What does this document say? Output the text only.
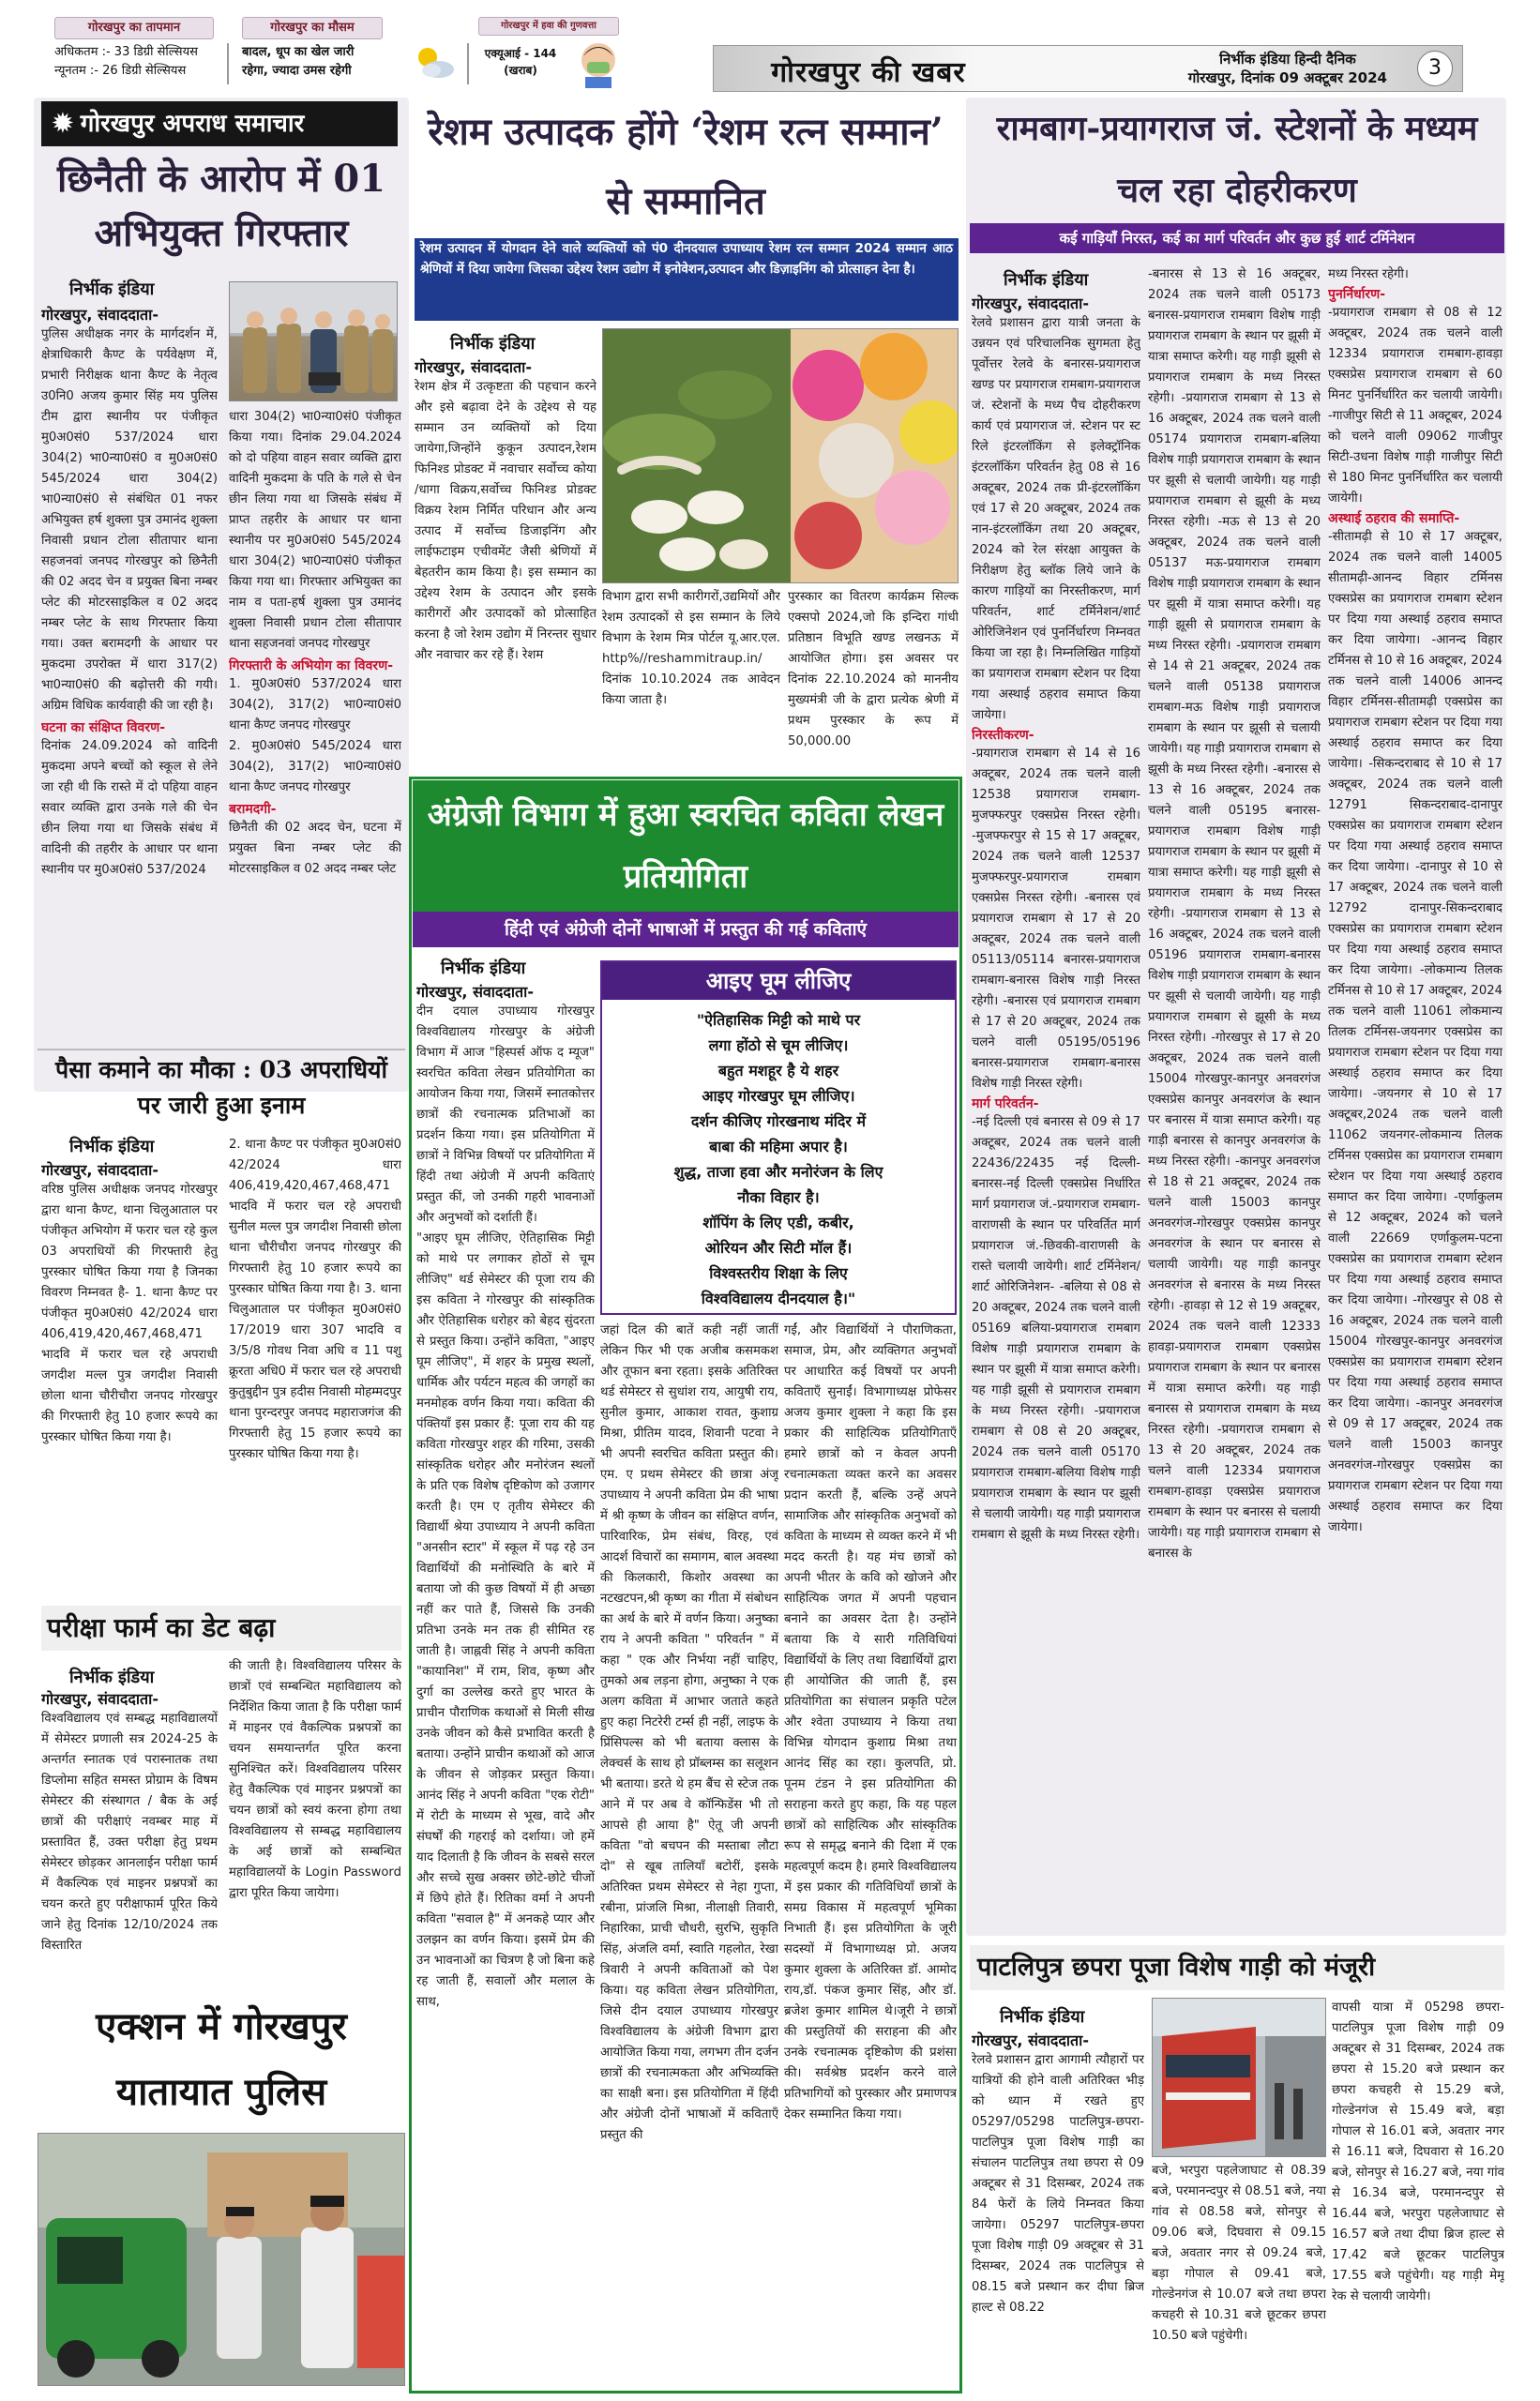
गोरखपुर का तापमान	गोरखपुर का मौसम	गोरखपुर में हवा की गुणवत्ता
अधिकतम :- 33 डिग्री सेल्सियस
न्यूनतम :- 26 डिग्री सेल्सियस
बादल, धूप का खेल जारी
रहेगा, ज्यादा उमस रहेगी
एक्यूआई - 144
(खराब)	गोरखपुर की खबर	निर्भीक इंडिया हिन्दी दैनिक
गोरखपुर, दिनांक 09 अक्टूबर 2024	3
✹ गोरखपुर अपराध समाचार
छिनैती के आरोप में 01 अभियुक्त गिरफ्तार
निर्भीक इंडिया
गोरखपुर, संवाददाता-
पुलिस अधीक्षक नगर के मार्गदर्शन में, क्षेत्राधिकारी कैण्ट के पर्यवेक्षण में, प्रभारी निरीक्षक थाना कैण्ट के नेतृत्व उ0नि0 अजय कुमार सिंह मय पुलिस टीम द्वारा स्थानीय पर पंजीकृत मु0अ0सं0 537/2024 धारा 304(2) भा0न्या0सं0 व मु0अ0सं0 545/2024 धारा 304(2) भा0न्या0सं0 से संबंधित 01 नफर अभियुक्त हर्ष शुक्ला पुत्र उमानंद शुक्ला निवासी प्रधान टोला सीतापार थाना सहजनवां जनपद गोरखपुर को छिनैती की 02 अदद चेन व प्रयुक्त बिना नम्बर प्लेट की मोटरसाइकिल व 02 अदद नम्बर प्लेट के साथ गिरफ्तार किया गया। उक्त बरामदगी के आधार पर मुकदमा उपरोक्त में धारा 317(2) भा0न्या0सं0 की बढ़ोत्तरी की गयी। अग्रिम विधिक कार्यवाही की जा रही है।
घटना का संक्षिप्त विवरण-
दिनांक 24.09.2024 को वादिनी मुकदमा अपने बच्चों को स्कूल से लेने जा रही थी कि रास्ते में दो पहिया वाहन सवार व्यक्ति द्वारा उनके गले की चेन छीन लिया गया था जिसके संबंध में वादिनी की तहरीर के आधार पर थाना स्थानीय पर मु0अ0सं0 537/2024
धारा 304(2) भा0न्या0सं0 पंजीकृत किया गया। दिनांक 29.04.2024 को दो पहिया वाहन सवार व्यक्ति द्वारा वादिनी मुकदमा के पति के गले से चेन छीन लिया गया था जिसके संबंध में प्राप्त तहरीर के आधार पर थाना स्थानीय पर मु0अ0सं0 545/2024 धारा 304(2) भा0न्या0सं0 पंजीकृत किया गया था। गिरफ्तार अभियुक्त का नाम व पता-हर्ष शुक्ला पुत्र उमानंद शुक्ला निवासी प्रधान टोला सीतापार थाना सहजनवां जनपद गोरखपुर
गिरफ्तारी के अभियोग का विवरण-
1. मु0अ0सं0 537/2024 धारा 304(2), 317(2) भा0न्या0सं0 थाना कैण्ट जनपद गोरखपुर
2. मु0अ0सं0 545/2024 धारा 304(2), 317(2) भा0न्या0सं0 थाना कैण्ट जनपद गोरखपुर
बरामदगी-
छिनैती की 02 अदद चेन, घटना में प्रयुक्त बिना नम्बर प्लेट की मोटरसाइकिल व 02 अदद नम्बर प्लेट
पैसा कमाने का मौका : 03 अपराधियों पर जारी हुआ इनाम
निर्भीक इंडिया
गोरखपुर, संवाददाता-
वरिष्ठ पुलिस अधीक्षक जनपद गोरखपुर द्वारा थाना कैण्ट, थाना चिलुआताल पर पंजीकृत अभियोग में फरार चल रहे कुल 03 अपराधियों की गिरफ्तारी हेतु पुरस्कार घोषित किया गया है जिनका विवरण निम्नवत है- 1. थाना कैण्ट पर पंजीकृत मु0अ0सं0 42/2024 धारा 406,419,420,467,468,471 भादवि में फरार चल रहे अपराधी जगदीश मल्ल पुत्र जगदीश निवासी छोला थाना चौरीचौरा जनपद गोरखपुर की गिरफ्तारी हेतु 10 हजार रूपये का पुरस्कार घोषित किया गया है।
2. थाना कैण्ट पर पंजीकृत मु0अ0सं0 42/2024 धारा 406,419,420,467,468,471 भादवि में फरार चल रहे अपराधी सुनील मल्ल पुत्र जगदीश निवासी छोला थाना चौरीचौरा जनपद गोरखपुर की गिरफ्तारी हेतु 10 हजार रूपये का पुरस्कार घोषित किया गया है। 3. थाना चिलुआताल पर पंजीकृत मु0अ0सं0 17/2019 धारा 307 भादवि व 3/5/8 गोवध निवा अधि व 11 पशु क्रूरता अधि0 में फरार चल रहे अपराधी कुतुबुद्दीन पुत्र हदीस निवासी मोहम्मदपुर थाना पुरन्दरपुर जनपद महाराजगंज की गिरफ्तारी हेतु 15 हजार रूपये का पुरस्कार घोषित किया गया है।
परीक्षा फार्म का डेट बढ़ा
निर्भीक इंडिया
गोरखपुर, संवाददाता-
विश्वविद्यालय एवं सम्बद्ध महाविद्यालयों में सेमेस्टर प्रणाली सत्र 2024-25 के अन्तर्गत स्नातक एवं परास्नातक तथा डिप्लोमा सहित समस्त प्रोग्राम के विषम सेमेस्टर की संस्थागत / बैक के अई छात्रों की परीक्षाएं नवम्बर माह में प्रस्तावित हैं, उक्त परीक्षा हेतु प्रथम सेमेस्टर छोड़कर आनलाईन परीक्षा फार्म में वैकल्पिक एवं माइनर प्रश्नपत्रों का चयन करते हुए परीक्षाफार्म पूरित किये जाने हेतु दिनांक 12/10/2024 तक विस्तारित
की जाती है। विश्वविद्यालय परिसर के छात्रों एवं सम्बन्धित महाविद्यालय को निर्देशित किया जाता है कि परीक्षा फार्म में माइनर एवं वैकल्पिक प्रश्नपत्रों का चयन समयान्तर्गत पूरित करना सुनिश्चित करें। विश्वविद्यालय परिसर हेतु वैकल्पिक एवं माइनर प्रश्नपत्रों का चयन छात्रों को स्वयं करना होगा तथा विश्वविद्यालय से सम्बद्ध महाविद्यालय के अई छात्रों को सम्बन्धित महाविद्यालयों के Login Password द्वारा पूरित किया जायेगा।
एक्शन में गोरखपुर यातायात पुलिस
रेशम उत्पादक होंगे ‘रेशम रत्न सम्मान’ से सम्मानित
रेशम उत्पादन में योगदान देने वाले व्यक्तियों को पं0 दीनदयाल उपाध्याय रेशम रत्न सम्मान 2024 सम्मान आठ श्रेणियों में दिया जायेगा जिसका उद्देश्य रेशम उद्योग में इनोवेशन,उत्पादन और डिज़ाइनिंग को प्रोत्साहन देना है।
निर्भीक इंडिया
गोरखपुर, संवाददाता-
रेशम क्षेत्र में उत्कृष्टता की पहचान करने और इसे बढ़ावा देने के उद्देश्य से यह सम्मान उन व्यक्तियों को दिया जायेगा,जिन्होंने कुकून उत्पादन,रेशम फिनिश्ड प्रोडक्ट में नवाचार सर्वोच्च कोया /धागा विक्रय,सर्वोच्च फिनिश्ड प्रोडक्ट विक्रय रेशम निर्मित परिधान और अन्य उत्पाद में सर्वोच्च डिजाइनिंग और लाईफटाइम एचीवमेंट जैसी श्रेणियों में बेहतरीन काम किया है। इस सम्मान का उद्देश्य रेशम के उत्पादन और इसके कारीगरों और उत्पादकों को प्रोत्साहित करना है जो रेशम उद्योग में निरन्तर सुधार और नवाचार कर रहे हैं। रेशम
विभाग द्वारा सभी कारीगरों,उद्यमियों और रेशम उत्पादकों से इस सम्मान के लिये विभाग के रेशम मित्र पोर्टल यू.आर.एल. http%//reshammitraup.in/ दिनांक 10.10.2024 तक आवेदन किया जाता है।
पुरस्कार का वितरण कार्यक्रम सिल्क एक्सपो 2024,जो कि इन्दिरा गांधी प्रतिष्ठान विभूति खण्ड लखनऊ में आयोजित होगा। इस अवसर पर दिनांक 22.10.2024 को माननीय मुख्यमंत्री जी के द्वारा प्रत्येक श्रेणी में प्रथम पुरस्कार के रूप में 50,000.00
अंग्रेजी विभाग में हुआ स्वरचित कविता लेखन प्रतियोगिता
हिंदी एवं अंग्रेजी दोनों भाषाओं में प्रस्तुत की गई कविताएं
निर्भीक इंडिया
गोरखपुर, संवाददाता-
दीन दयाल उपाध्याय गोरखपुर विश्वविद्यालय गोरखपुर के अंग्रेजी विभाग में आज "हिस्पर्स ऑफ द म्यूज" स्वरचित कविता लेखन प्रतियोगिता का आयोजन किया गया, जिसमें स्नातकोत्तर छात्रों की रचनात्मक प्रतिभाओं का प्रदर्शन किया गया। इस प्रतियोगिता में छात्रों ने विभिन्न विषयों पर प्रतियोगिता में हिंदी तथा अंग्रेजी में अपनी कविताएं प्रस्तुत कीं, जो उनकी गहरी भावनाओं और अनुभवों को दर्शाती हैं।
"आइए घूम लीजिए, ऐतिहासिक मिट्टी को माथे पर लगाकर होठों से चूम लीजिए" थर्ड सेमेस्टर की पूजा राय की इस कविता ने गोरखपुर की सांस्कृतिक और ऐतिहासिक धरोहर को बेहद सुंदरता से प्रस्तुत किया। उन्होंने कविता, "आइए घूम लीजिए", में शहर के प्रमुख स्थलों, धार्मिक और पर्यटन महत्व की जगहों का मनमोहक वर्णन किया गया। कविता की पंक्तियाँ इस प्रकार हैं: पूजा राय की यह कविता गोरखपुर शहर की गरिमा, उसकी सांस्कृतिक धरोहर और मनोरंजन स्थलों के प्रति एक विशेष दृष्टिकोण को उजागर करती है। एम ए तृतीय सेमेस्टर की विद्यार्थी श्रेया उपाध्याय ने अपनी कविता "अनसीन स्टार" में स्कूल में पढ़ रहे उन विद्यार्थियों की मनोस्थिति के बारे में बताया जो की कुछ विषयों में ही अच्छा नहीं कर पाते हैं, जिससे कि उनकी प्रतिभा उनके मन तक ही सीमित रह जाती है। जाह्नवी सिंह ने अपनी कविता "कायानिश" में राम, शिव, कृष्ण और दुर्गा का उल्लेख करते हुए भारत के प्राचीन पौराणिक कथाओं से मिली सीख उनके जीवन को कैसे प्रभावित करती है बताया। उन्होंने प्राचीन कथाओं को आज के जीवन से जोड़कर प्रस्तुत किया। आनंद सिंह ने अपनी कविता "एक रोटी" में रोटी के माध्यम से भूख, वादे और संघर्षों की गहराई को दर्शाया। जो हमें याद दिलाती है कि जीवन के सबसे सरल और सच्चे सुख अक्सर छोटे-छोटे चीजों में छिपे होते हैं। रितिका वर्मा ने अपनी कविता "सवाल है" में अनकहे प्यार और उलझन का वर्णन किया। इसमें प्रेम की उन भावनाओं का चित्रण है जो बिना कहे रह जाती हैं, सवालों और मलाल के साथ,
आइए घूम लीजिए
"ऐतिहासिक मिट्टी को माथे पर
लगा होंठो से चूम लीजिए।
बहुत मशहूर है ये शहर
आइए गोरखपुर घूम लीजिए।
दर्शन कीजिए गोरखनाथ मंदिर में
बाबा की महिमा अपार है।
शुद्ध, ताजा हवा और मनोरंजन के लिए
नौका विहार है।
शॉपिंग के लिए एडी, कबीर,
ओरियन और सिटी मॉल हैं।
विश्वस्तरीय शिक्षा के लिए
विश्वविद्यालय दीनदयाल है।"
जहां दिल की बातें कही नहीं जातीं लेकिन फिर भी एक अजीब कसमकश और तूफान बना रहता। इसके अतिरिक्त थर्ड सेमेस्टर से सुधांश राय, आयुषी राय, सुनील कुमार, आकाश रावत, कुशाग्र मिश्रा, प्रीतिम यादव, शिवानी पटवा ने भी अपनी स्वरचित कविता प्रस्तुत की। एम. ए प्रथम सेमेस्टर की छात्रा अंजू उपाध्याय ने अपनी कविता प्रेम की भाषा में श्री कृष्ण के जीवन का संक्षिप्त वर्णन, पारिवारिक, प्रेम संबंध, विरह, एवं आदर्श विचारों का समागम, बाल अवस्था की किलकारी, किशोर अवस्था का नटखटपन,श्री कृष्ण का गीता में संबोधन का अर्थ के बारे में वर्णन किया। अनुष्का राय ने अपनी कविता " परिवर्तन " में कहा " एक और निर्भया नहीं चाहिए, तुमको अब लड़ना होगा, अनुष्का ने एक अलग कविता में आभार जताते कहते हुए कहा निटरेरी टर्म्स ही नहीं, लाइफ के प्रिंसिपल्स को भी बताया क्लास के लेक्चर्स के साथ हो प्रॉब्लम्स का सलूशन भी बताया। डरते थे हम बैंच से स्टेज तक आने में पर अब वे कॉन्फिडेंस भी तो आपसे ही आया है" ऐतू जी अपनी कविता "वो बचपन की मस्ताबा लौटा दो" से खूब तालियाँ बटोरीं, इसके अतिरिक्त प्रथम सेमेस्टर से नेहा गुप्ता, रबीना, प्रांजलि मिश्रा, नीलाक्षी तिवारी, निहारिका, प्राची चौधरी, सुरभि, सुकृति सिंह, अंजलि वर्मा, स्वाति गहलोत, रेखा त्रिवारी ने अपनी कविताओं को पेश किया। यह कविता लेखन प्रतियोगिता, जिसे दीन दयाल उपाध्याय गोरखपुर विश्वविद्यालय के अंग्रेजी विभाग द्वारा आयोजित किया गया, लगभग तीन दर्जन छात्रों की रचनात्मकता और अभिव्यक्ति का साक्षी बना। इस प्रतियोगिता में हिंदी और अंग्रेजी दोनों भाषाओं में कविताएँ प्रस्तुत की
गईं, और विद्यार्थियों ने पौराणिकता, समाज, प्रेम, और व्यक्तिगत अनुभवों पर आधारित कई विषयों पर अपनी कविताएँ सुनाईं। विभागाध्यक्ष प्रोफेसर अजय कुमार शुक्ला ने कहा कि इस प्रकार की साहित्यिक प्रतियोगिताएँ हमारे छात्रों को न केवल अपनी रचनात्मकता व्यक्त करने का अवसर प्रदान करती हैं, बल्कि उन्हें अपने सामाजिक और सांस्कृतिक अनुभवों को कविता के माध्यम से व्यक्त करने में भी मदद करती है। यह मंच छात्रों को अपनी भीतर के कवि को खोजने और साहित्यिक जगत में अपनी पहचान बनाने का अवसर देता है। उन्होंने बताया कि ये सारी गतिविधियां विद्यार्थियों के लिए तथा विद्यार्थियों द्वारा ही आयोजित की जाती हैं, इस प्रतियोगिता का संचालन प्रकृति पटेल और श्वेता उपाध्याय ने किया तथा विभिन्न योगदान कुशाग्र मिश्रा तथा आनंद सिंह का रहा। कुलपति, प्रो. पूनम टंडन ने इस प्रतियोगिता की सराहना करते हुए कहा, कि यह पहल छात्रों को साहित्यिक और सांस्कृतिक रूप से समृद्ध बनाने की दिशा में एक महत्वपूर्ण कदम है। हमारे विश्वविद्यालय में इस प्रकार की गतिविधियाँ छात्रों के समग्र विकास में महत्वपूर्ण भूमिका निभाती हैं। इस प्रतियोगिता के जूरी सदस्यों में विभागाध्यक्ष प्रो. अजय कुमार शुक्ला के अतिरिक्त डॉ. आमोद राय,डॉ. पंकज कुमार सिंह, और डॉ. ब्रजेश कुमार शामिल थे।जूरी ने छात्रों की प्रस्तुतियों की सराहना की और उनके रचनात्मक दृष्टिकोण की प्रशंसा की। सर्वश्रेष्ठ प्रदर्शन करने वाले प्रतिभागियों को पुरस्कार और प्रमाणपत्र देकर सम्मानित किया गया।
रामबाग-प्रयागराज जं. स्टेशनों के मध्यम चल रहा दोहरीकरण
कई गाड़ियाँ निरस्त, कई का मार्ग परिवर्तन और कुछ हुई शार्ट टर्मिनेशन
निर्भीक इंडिया
गोरखपुर, संवाददाता-
रेलवे प्रशासन द्वारा यात्री जनता के उन्नयन एवं परिचालनिक सुगमता हेतु पूर्वोत्तर रेलवे के बनारस-प्रयागराज खण्ड पर प्रयागराज रामबाग-प्रयागराज जं. स्टेशनों के मध्य पैच दोहरीकरण कार्य एवं प्रयागराज जं. स्टेशन पर स्ट रिले इंटरलाॅकिंग से इलेक्ट्रॉनिक इंटरलाॅकिंग परिवर्तन हेतु 08 से 16 अक्टूबर, 2024 तक प्री-इंटरलाॅकिंग एवं 17 से 20 अक्टूबर, 2024 तक नान-इंटरलाॅकिंग तथा 20 अक्टूबर, 2024 को रेल संरक्षा आयुक्त के निरीक्षण हेतु ब्लाॅक लिये जाने के कारण गाड़ियों का निरस्तीकरण, मार्ग परिवर्तन, शार्ट टर्मिनेशन/शार्ट ओरिजिनेशन एवं पुनर्निर्धारण निम्नवत किया जा रहा है। निम्नलिखित गाड़ियों का प्रयागराज रामबाग स्टेशन पर दिया गया अस्थाई ठहराव समाप्त किया जायेगा।
निरस्तीकरण-
-प्रयागराज रामबाग से 14 से 16 अक्टूबर, 2024 तक चलने वाली 12538 प्रयागराज रामबाग-मुजफ्फरपुर एक्सप्रेस निरस्त रहेगी। -मुजफ्फरपुर से 15 से 17 अक्टूबर, 2024 तक चलने वाली 12537 मुजफ्फरपुर-प्रयागराज रामबाग एक्सप्रेस निरस्त रहेगी। -बनारस एवं प्रयागराज रामबाग से 17 से 20 अक्टूबर, 2024 तक चलने वाली 05113/05114 बनारस-प्रयागराज रामबाग-बनारस विशेष गाड़ी निरस्त रहेगी। -बनारस एवं प्रयागराज रामबाग से 17 से 20 अक्टूबर, 2024 तक चलने वाली 05195/05196 बनारस-प्रयागराज रामबाग-बनारस विशेष गाड़ी निरस्त रहेगी।
मार्ग परिवर्तन-
-नई दिल्ली एवं बनारस से 09 से 17 अक्टूबर, 2024 तक चलने वाली 22436/22435 नई दिल्ली-बनारस-नई दिल्ली एक्सप्रेस निर्धारित मार्ग प्रयागराज जं.-प्रयागराज रामबाग-वाराणसी के स्थान पर परिवर्तित मार्ग प्रयागराज जं.-छिवकी-वाराणसी के रास्ते चलायी जायेगी। शार्ट टर्मिनेशन/शार्ट ओरिजिनेशन- -बलिया से 08 से 20 अक्टूबर, 2024 तक चलने वाली 05169 बलिया-प्रयागराज रामबाग विशेष गाड़ी प्रयागराज रामबाग के स्थान पर झूसी में यात्रा समाप्त करेगी। यह गाड़ी झूसी से प्रयागराज रामबाग के मध्य निरस्त रहेगी। -प्रयागराज रामबाग से 08 से 20 अक्टूबर, 2024 तक चलने वाली 05170 प्रयागराज रामबाग-बलिया विशेष गाड़ी प्रयागराज रामबाग के स्थान पर झूसी से चलायी जायेगी। यह गाड़ी प्रयागराज रामबाग से झूसी के मध्य निरस्त रहेगी।
-बनारस से 13 से 16 अक्टूबर, 2024 तक चलने वाली 05173 बनारस-प्रयागराज रामबाग विशेष गाड़ी प्रयागराज रामबाग के स्थान पर झूसी में यात्रा समाप्त करेगी। यह गाड़ी झूसी से प्रयागराज रामबाग के मध्य निरस्त रहेगी। -प्रयागराज रामबाग से 13 से 16 अक्टूबर, 2024 तक चलने वाली 05174 प्रयागराज रामबाग-बलिया विशेष गाड़ी प्रयागराज रामबाग के स्थान पर झूसी से चलायी जायेगी। यह गाड़ी प्रयागराज रामबाग से झूसी के मध्य निरस्त रहेगी। -मऊ से 13 से 20 अक्टूबर, 2024 तक चलने वाली 05137 मऊ-प्रयागराज रामबाग विशेष गाड़ी प्रयागराज रामबाग के स्थान पर झूसी में यात्रा समाप्त करेगी। यह गाड़ी झूसी से प्रयागराज रामबाग के मध्य निरस्त रहेगी। -प्रयागराज रामबाग से 14 से 21 अक्टूबर, 2024 तक चलने वाली 05138 प्रयागराज रामबाग-मऊ विशेष गाड़ी प्रयागराज रामबाग के स्थान पर झूसी से चलायी जायेगी। यह गाड़ी प्रयागराज रामबाग से झूसी के मध्य निरस्त रहेगी। -बनारस से 13 से 16 अक्टूबर, 2024 तक चलने वाली 05195 बनारस-प्रयागराज रामबाग विशेष गाड़ी प्रयागराज रामबाग के स्थान पर झूसी में यात्रा समाप्त करेगी। यह गाड़ी झूसी से प्रयागराज रामबाग के मध्य निरस्त रहेगी। -प्रयागराज रामबाग से 13 से 16 अक्टूबर, 2024 तक चलने वाली 05196 प्रयागराज रामबाग-बनारस विशेष गाड़ी प्रयागराज रामबाग के स्थान पर झूसी से चलायी जायेगी। यह गाड़ी प्रयागराज रामबाग से झूसी के मध्य निरस्त रहेगी। -गोरखपुर से 17 से 20 अक्टूबर, 2024 तक चलने वाली 15004 गोरखपुर-कानपुर अनवरगंज एक्सप्रेस कानपुर अनवरगंज के स्थान पर बनारस में यात्रा समाप्त करेगी। यह गाड़ी बनारस से कानपुर अनवरगंज के मध्य निरस्त रहेगी। -कानपुर अनवरगंज से 18 से 21 अक्टूबर, 2024 तक चलने वाली 15003 कानपुर अनवरगंज-गोरखपुर एक्सप्रेस कानपुर अनवरगंज के स्थान पर बनारस से चलायी जायेगी। यह गाड़ी कानपुर अनवरगंज से बनारस के मध्य निरस्त रहेगी। -हावड़ा से 12 से 19 अक्टूबर, 2024 तक चलने वाली 12333 हावड़ा-प्रयागराज रामबाग एक्सप्रेस प्रयागराज रामबाग के स्थान पर बनारस में यात्रा समाप्त करेगी। यह गाड़ी बनारस से प्रयागराज रामबाग के मध्य निरस्त रहेगी। -प्रयागराज रामबाग से 13 से 20 अक्टूबर, 2024 तक चलने वाली 12334 प्रयागराज रामबाग-हावड़ा एक्सप्रेस प्रयागराज रामबाग के स्थान पर बनारस से चलायी जायेगी। यह गाड़ी प्रयागराज रामबाग से बनारस के
मध्य निरस्त रहेगी।
पुनर्निर्धारण-
-प्रयागराज रामबाग से 08 से 12 अक्टूबर, 2024 तक चलने वाली 12334 प्रयागराज रामबाग-हावड़ा एक्सप्रेस प्रयागराज रामबाग से 60 मिनट पुनर्निर्धारित कर चलायी जायेगी। -गाजीपुर सिटी से 11 अक्टूबर, 2024 को चलने वाली 09062 गाजीपुर सिटी-उधना विशेष गाड़ी गाजीपुर सिटी से 180 मिनट पुनर्निर्धारित कर चलायी जायेगी।
अस्थाई ठहराव की समाप्ति-
-सीतामढ़ी से 10 से 17 अक्टूबर, 2024 तक चलने वाली 14005 सीतामढ़ी-आनन्द विहार टर्मिनस एक्सप्रेस का प्रयागराज रामबाग स्टेशन पर दिया गया अस्थाई ठहराव समाप्त कर दिया जायेगा। -आनन्द विहार टर्मिनस से 10 से 16 अक्टूबर, 2024 तक चलने वाली 14006 आनन्द विहार टर्मिनस-सीतामढ़ी एक्सप्रेस का प्रयागराज रामबाग स्टेशन पर दिया गया अस्थाई ठहराव समाप्त कर दिया जायेगा। -सिकन्दराबाद से 10 से 17 अक्टूबर, 2024 तक चलने वाली 12791 सिकन्दराबाद-दानापुर एक्सप्रेस का प्रयागराज रामबाग स्टेशन पर दिया गया अस्थाई ठहराव समाप्त कर दिया जायेगा। -दानापुर से 10 से 17 अक्टूबर, 2024 तक चलने वाली 12792 दानापुर-सिकन्दराबाद एक्सप्रेस का प्रयागराज रामबाग स्टेशन पर दिया गया अस्थाई ठहराव समाप्त कर दिया जायेगा। -लोकमान्य तिलक टर्मिनस से 10 से 17 अक्टूबर, 2024 तक चलने वाली 11061 लोकमान्य तिलक टर्मिनस-जयनगर एक्सप्रेस का प्रयागराज रामबाग स्टेशन पर दिया गया अस्थाई ठहराव समाप्त कर दिया जायेगा। -जयनगर से 10 से 17 अक्टूबर,2024 तक चलने वाली 11062 जयनगर-लोकमान्य तिलक टर्मिनस एक्सप्रेस का प्रयागराज रामबाग स्टेशन पर दिया गया अस्थाई ठहराव समाप्त कर दिया जायेगा। -एर्णाकुलम से 12 अक्टूबर, 2024 को चलने वाली 22669 एर्णाकुलम-पटना एक्सप्रेस का प्रयागराज रामबाग स्टेशन पर दिया गया अस्थाई ठहराव समाप्त कर दिया जायेगा। -गोरखपुर से 08 से 16 अक्टूबर, 2024 तक चलने वाली 15004 गोरखपुर-कानपुर अनवरगंज एक्सप्रेस का प्रयागराज रामबाग स्टेशन पर दिया गया अस्थाई ठहराव समाप्त कर दिया जायेगा। -कानपुर अनवरगंज से 09 से 17 अक्टूबर, 2024 तक चलने वाली 15003 कानपुर अनवरगंज-गोरखपुर एक्सप्रेस का प्रयागराज रामबाग स्टेशन पर दिया गया अस्थाई ठहराव समाप्त कर दिया जायेगा।
पाटलिपुत्र छपरा पूजा विशेष गाड़ी को मंजूरी
निर्भीक इंडिया
गोरखपुर, संवाददाता-
रेलवे प्रशासन द्वारा आगामी त्यौहारों पर यात्रियों की होने वाली अतिरिक्त भीड़ को ध्यान में रखते हुए 05297/05298 पाटलिपुत्र-छपरा-पाटलिपुत्र पूजा विशेष गाड़ी का संचालन पाटलिपुत्र तथा छपरा से 09 अक्टूबर से 31 दिसम्बर, 2024 तक 84 फेरों के लिये निम्नवत किया जायेगा। 05297 पाटलिपुत्र-छपरा पूजा विशेष गाड़ी 09 अक्टूबर से 31 दिसम्बर, 2024 तक पाटलिपुत्र से 08.15 बजे प्रस्थान कर दीघा ब्रिज हाल्ट से 08.22
बजे, भरपुरा पहलेजाघाट से 08.39 बजे, परमानन्दपुर से 08.51 बजे, नया गांव से 08.58 बजे, सोनपुर से 09.06 बजे, दिघवारा से 09.15 बजे, अवतार नगर से 09.24 बजे, बड़ा गोपाल से 09.41 बजे, गोल्डेनगंज से 10.07 बजे तथा छपरा कचहरी से 10.31 बजे छूटकर छपरा 10.50 बजे पहुंचेगी।
वापसी यात्रा में 05298 छपरा-पाटलिपुत्र पूजा विशेष गाड़ी 09 अक्टूबर से 31 दिसम्बर, 2024 तक छपरा से 15.20 बजे प्रस्थान कर छपरा कचहरी से 15.29 बजे, गोल्डेनगंज से 15.49 बजे, बड़ा गोपाल से 16.01 बजे, अवतार नगर से 16.11 बजे, दिघवारा से 16.20 बजे, सोनपुर से 16.27 बजे, नया गांव से 16.34 बजे, परमानन्दपुर से 16.44 बजे, भरपुरा पहलेजाघाट से 16.57 बजे तथा दीघा ब्रिज हाल्ट से 17.42 बजे छूटकर पाटलिपुत्र 17.55 बजे पहुंचेगी। यह गाड़ी मेमू रेक से चलायी जायेगी।
